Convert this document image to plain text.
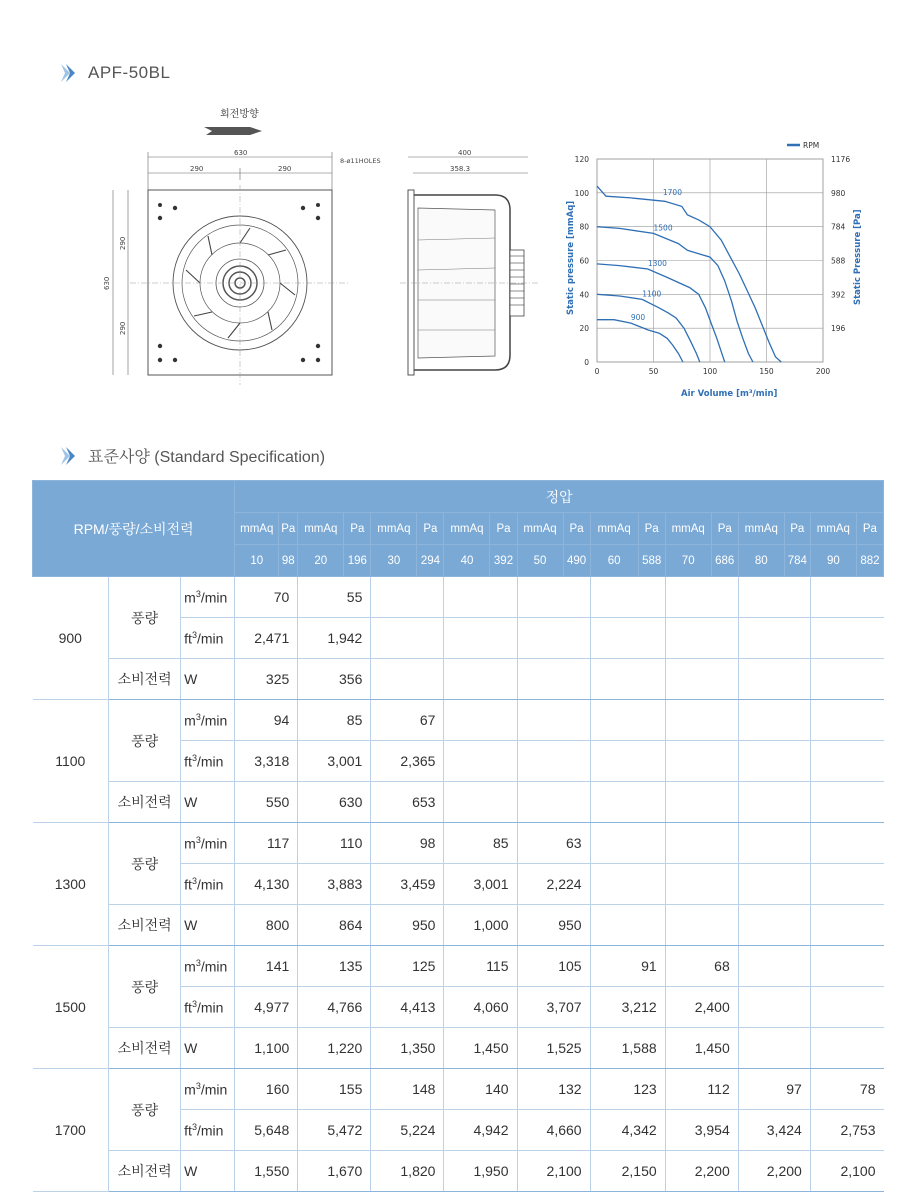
APF-50BL
회전방향
630
290	290
8-ø11HOLES
630
290
290
400
358.3
1700
1500
1300
1100
900
0	50	100	150	200
0
20
40
60
80
100
120
196
392
588
784
980
1176
RPM
Air Volume [m³/min]
Static pressure [mmAq]	Static Pressure [Pa]
표준사양 (Standard Specification)
RPM/풍량/소비전력			정압																	
			mmAq	Pa	mmAq	Pa	mmAq	Pa	mmAq	Pa	mmAq	Pa	mmAq	Pa	mmAq	Pa	mmAq	Pa	mmAq	Pa
			10	98	20	196	30	294	40	392	50	490	60	588	70	686	80	784	90	882
900	풍량	$m^3/\min$	70		55															
		$ft^3/\min$	2,471		1,942															
	소비전력	W	325		356															
1100	풍량	$m^3/\min$	94		85		67													
		$ft^3/\min$	3,318		3,001		2,365													
	소비전력	W	550		630		653													
1300	풍량	$m^3/\min$	117		110		98		85		63									
		$ft^3/\min$	4,130		3,883		3,459		3,001		2,224									
	소비전력	W	800		864		950		1,000		950									
1500	풍량	$m^3/\min$	141		135		125		115		105		91		68					
		$ft^3/\min$	4,977		4,766		4,413		4,060		3,707		3,212		2,400					
	소비전력	W	1,100		1,220		1,350		1,450		1,525		1,588		1,450					
1700	풍량	$m^3/\min$	160		155		148		140		132		123		112		97		78	
		$ft^3/\min$	5,648		5,472		5,224		4,942		4,660		4,342		3,954		3,424		2,753	
	소비전력	W	1,550		1,670		1,820		1,950		2,100		2,150		2,200		2,200		2,100	
